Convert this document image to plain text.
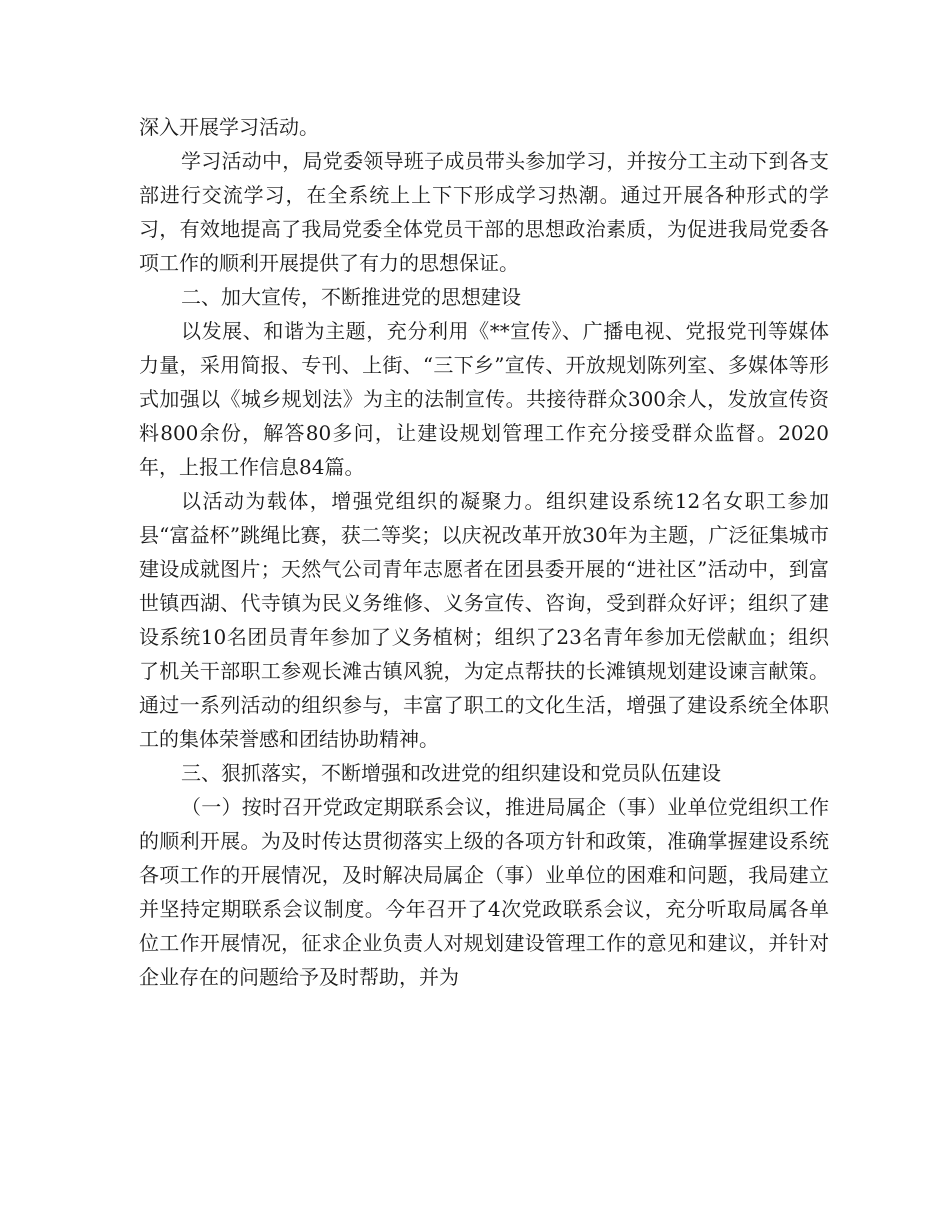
深入开展学习活动。

学习活动中，局党委领导班子成员带头参加学习，并按分工主动下到各支部进行交流学习，在全系统上上下下形成学习热潮。通过开展各种形式的学习，有效地提高了我局党委全体党员干部的思想政治素质，为促进我局党委各项工作的顺利开展提供了有力的思想保证。

二、加大宣传，不断推进党的思想建设

以发展、和谐为主题，充分利用《**宣传》、广播电视、党报党刊等媒体力量，采用简报、专刊、上街、“三下乡”宣传、开放规划陈列室、多媒体等形式加强以《城乡规划法》为主的法制宣传。共接待群众300余人，发放宣传资料800余份，解答80多问，让建设规划管理工作充分接受群众监督。2020年，上报工作信息84篇。

以活动为载体，增强党组织的凝聚力。组织建设系统12名女职工参加县“富益杯”跳绳比赛，获二等奖；以庆祝改革开放30年为主题，广泛征集城市建设成就图片；天然气公司青年志愿者在团县委开展的“进社区”活动中，到富世镇西湖、代寺镇为民义务维修、义务宣传、咨询，受到群众好评；组织了建设系统10名团员青年参加了义务植树；组织了23名青年参加无偿献血；组织了机关干部职工参观长滩古镇风貌，为定点帮扶的长滩镇规划建设谏言献策。通过一系列活动的组织参与，丰富了职工的文化生活，增强了建设系统全体职工的集体荣誉感和团结协助精神。

三、狠抓落实，不断增强和改进党的组织建设和党员队伍建设

（一）按时召开党政定期联系会议，推进局属企（事）业单位党组织工作的顺利开展。为及时传达贯彻落实上级的各项方针和政策，准确掌握建设系统各项工作的开展情况，及时解决局属企（事）业单位的困难和问题，我局建立并坚持定期联系会议制度。今年召开了4次党政联系会议，充分听取局属各单位工作开展情况，征求企业负责人对规划建设管理工作的意见和建议，并针对企业存在的问题给予及时帮助，并为
